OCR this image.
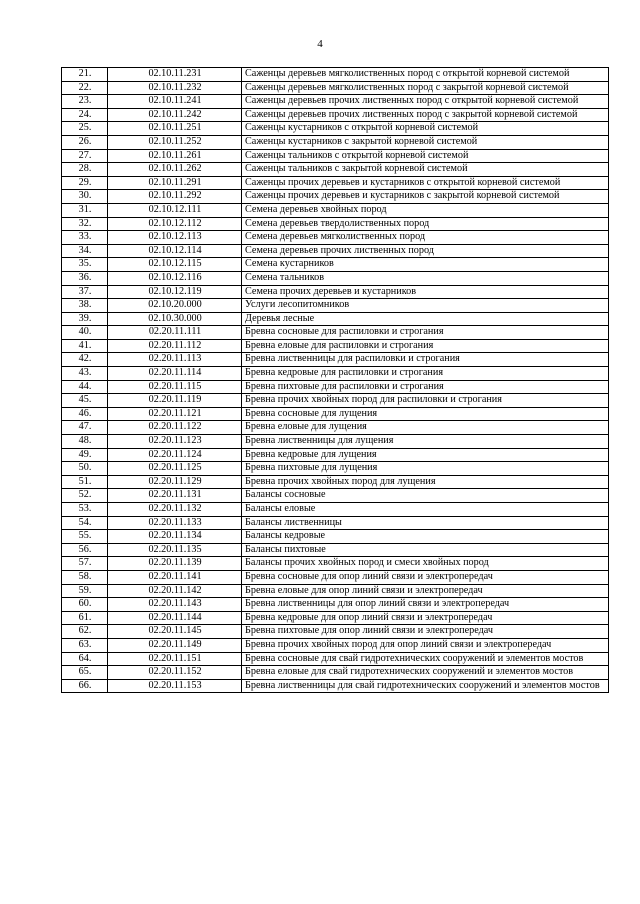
4
21.	02.10.11.231	Саженцы деревьев мягколиственных пород с открытой корневой системой
22.	02.10.11.232	Саженцы деревьев мягколиственных пород с закрытой корневой системой
23.	02.10.11.241	Саженцы деревьев прочих лиственных пород с открытой корневой системой
24.	02.10.11.242	Саженцы деревьев прочих лиственных пород с закрытой корневой системой
25.	02.10.11.251	Саженцы кустарников с открытой корневой системой
26.	02.10.11.252	Саженцы кустарников с закрытой корневой системой
27.	02.10.11.261	Саженцы тальников с открытой корневой системой
28.	02.10.11.262	Саженцы тальников с закрытой корневой системой
29.	02.10.11.291	Саженцы прочих деревьев и кустарников с открытой корневой системой
30.	02.10.11.292	Саженцы прочих деревьев и кустарников с закрытой корневой системой
31.	02.10.12.111	Семена деревьев хвойных пород
32.	02.10.12.112	Семена деревьев твердолиственных пород
33.	02.10.12.113	Семена деревьев мягколиственных пород
34.	02.10.12.114	Семена деревьев прочих лиственных пород
35.	02.10.12.115	Семена кустарников
36.	02.10.12.116	Семена тальников
37.	02.10.12.119	Семена прочих деревьев и кустарников
38.	02.10.20.000	Услуги лесопитомников
39.	02.10.30.000	Деревья лесные
40.	02.20.11.111	Бревна сосновые для распиловки и строгания
41.	02.20.11.112	Бревна еловые для распиловки и строгания
42.	02.20.11.113	Бревна лиственницы для распиловки и строгания
43.	02.20.11.114	Бревна кедровые для распиловки и строгания
44.	02.20.11.115	Бревна пихтовые для распиловки и строгания
45.	02.20.11.119	Бревна прочих хвойных пород для распиловки и строгания
46.	02.20.11.121	Бревна сосновые для лущения
47.	02.20.11.122	Бревна еловые для лущения
48.	02.20.11.123	Бревна лиственницы для лущения
49.	02.20.11.124	Бревна кедровые для лущения
50.	02.20.11.125	Бревна пихтовые для лущения
51.	02.20.11.129	Бревна прочих хвойных пород для лущения
52.	02.20.11.131	Балансы сосновые
53.	02.20.11.132	Балансы еловые
54.	02.20.11.133	Балансы лиственницы
55.	02.20.11.134	Балансы кедровые
56.	02.20.11.135	Балансы пихтовые
57.	02.20.11.139	Балансы прочих хвойных пород и смеси хвойных пород
58.	02.20.11.141	Бревна сосновые для опор линий связи и электропередач
59.	02.20.11.142	Бревна еловые для опор линий связи и электропередач
60.	02.20.11.143	Бревна лиственницы для опор линий связи и электропередач
61.	02.20.11.144	Бревна кедровые для опор линий связи и электропередач
62.	02.20.11.145	Бревна пихтовые для опор линий связи и электропередач
63.	02.20.11.149	Бревна прочих хвойных пород для опор линий связи и электропередач
64.	02.20.11.151	Бревна сосновые для свай гидротехнических сооружений и элементов мостов
65.	02.20.11.152	Бревна еловые для свай гидротехнических сооружений и элементов мостов
66.	02.20.11.153	Бревна лиственницы для свай гидротехнических сооружений и элементов мостов
